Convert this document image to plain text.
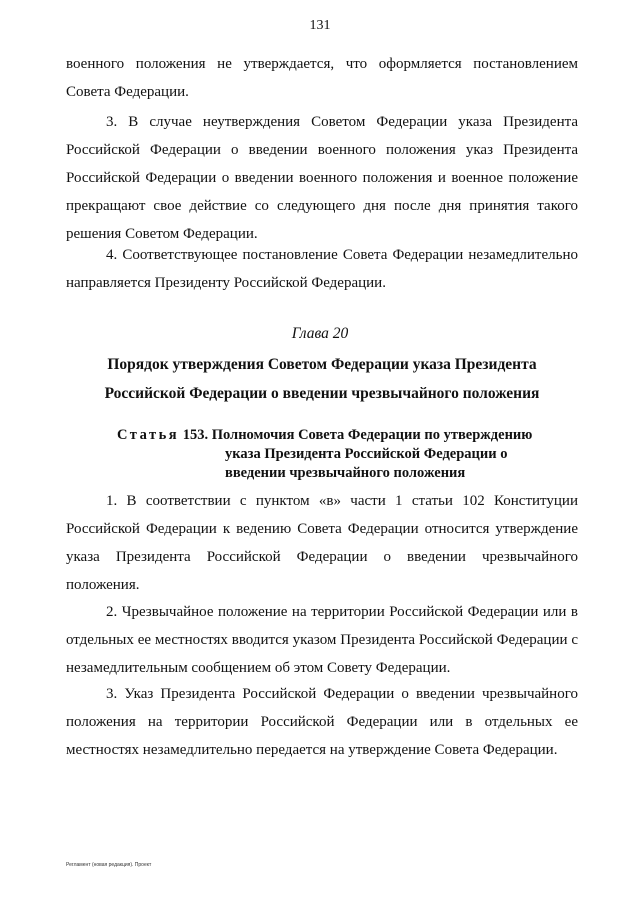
131

военного положения не утверждается, что оформляется постановлением Совета Федерации.

3. В случае неутверждения Советом Федерации указа Президента Российской Федерации о введении военного положения указ Президента Российской Федерации о введении военного положения и военное положение прекращают свое действие со следующего дня после дня принятия такого решения Советом Федерации.

4. Соответствующее постановление Совета Федерации незамедлительно направляется Президенту Российской Федерации.

Глава 20
Порядок утверждения Советом Федерации указа Президента
Российской Федерации о введении чрезвычайного положения
Статья 153. Полномочия Совета Федерации по утверждению
указа Президента Российской Федерации о
введении чрезвычайного положения

1. В соответствии с пунктом «в» части 1 статьи 102 Конституции Российской Федерации к ведению Совета Федерации относится утверждение указа Президента Российской Федерации о введении чрезвычайного положения.

2. Чрезвычайное положение на территории Российской Федерации или в отдельных ее местностях вводится указом Президента Российской Федерации с незамедлительным сообщением об этом Совету Федерации.

3. Указ Президента Российской Федерации о введении чрезвычайного положения на территории Российской Федерации или в отдельных ее местностях незамедлительно передается на утверждение Совета Федерации.

Регламент (новая редакция). Проект
